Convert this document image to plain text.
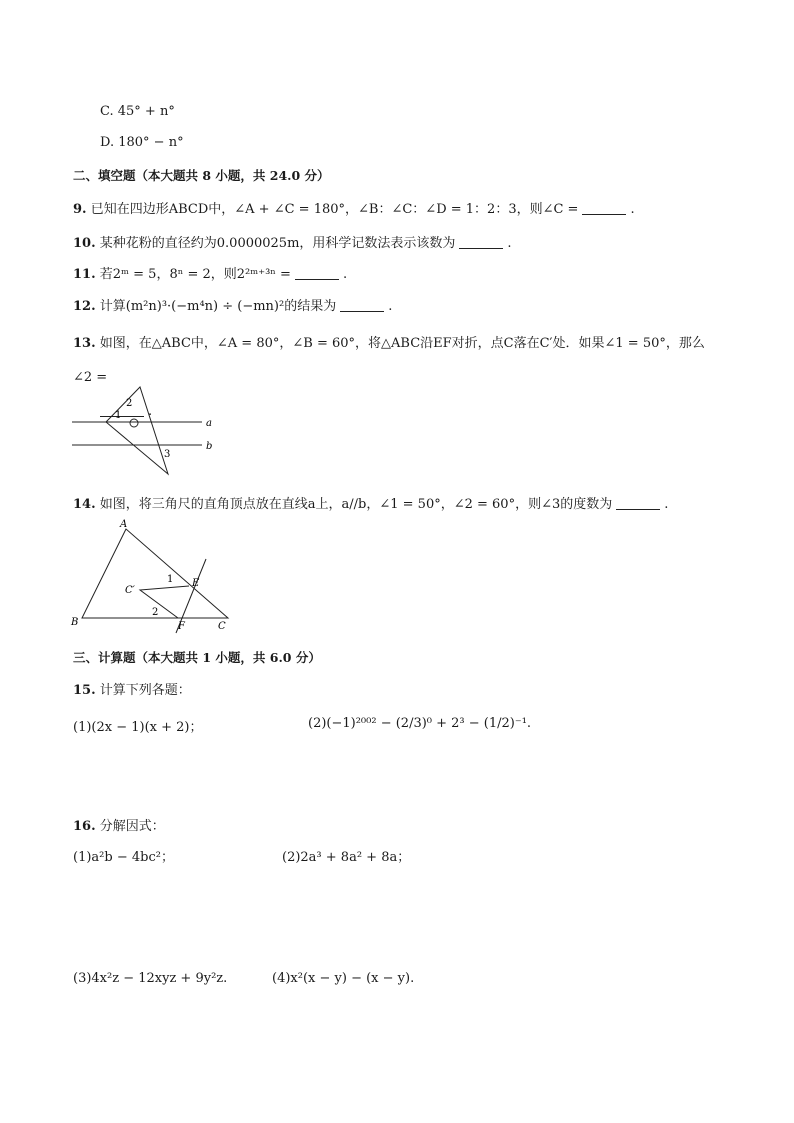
C. 45° + n°
D. 180° − n°
二、填空题（本大题共 8 小题，共 24.0 分）
9. 已知在四边形ABCD中，∠A + ∠C = 180°，∠B：∠C：∠D = 1：2：3，则∠C =	.
10. 某种花粉的直径约为0.0000025m，用科学记数法表示该数为	.
11. 若2ᵐ = 5，8ⁿ = 2，则2²ᵐ⁺³ⁿ =	.
12. 计算(m²n)³·(−m⁴n) ÷ (−mn)²的结果为	.
13. 如图，在△ABC中，∠A = 80°，∠B = 60°，将△ABC沿EF对折，点C落在C′处．如果∠1 = 50°，那么∠2 =
.
1
2
3
a
b
14. 如图，将三角尺的直角顶点放在直线a上，a//b，∠1 = 50°，∠2 = 60°，则∠3的度数为	.
A
B	C
C′
E
F
1
2
三、计算题（本大题共 1 小题，共 6.0 分）
15. 计算下列各题：
(1)(2x − 1)(x + 2)；	(2)(−1)²⁰⁰² − (2/3)⁰ + 2³ − (1/2)⁻¹.
16. 分解因式：
(1)a²b − 4bc²；	(2)2a³ + 8a² + 8a；
(3)4x²z − 12xyz + 9y²z.	(4)x²(x − y) − (x − y).
